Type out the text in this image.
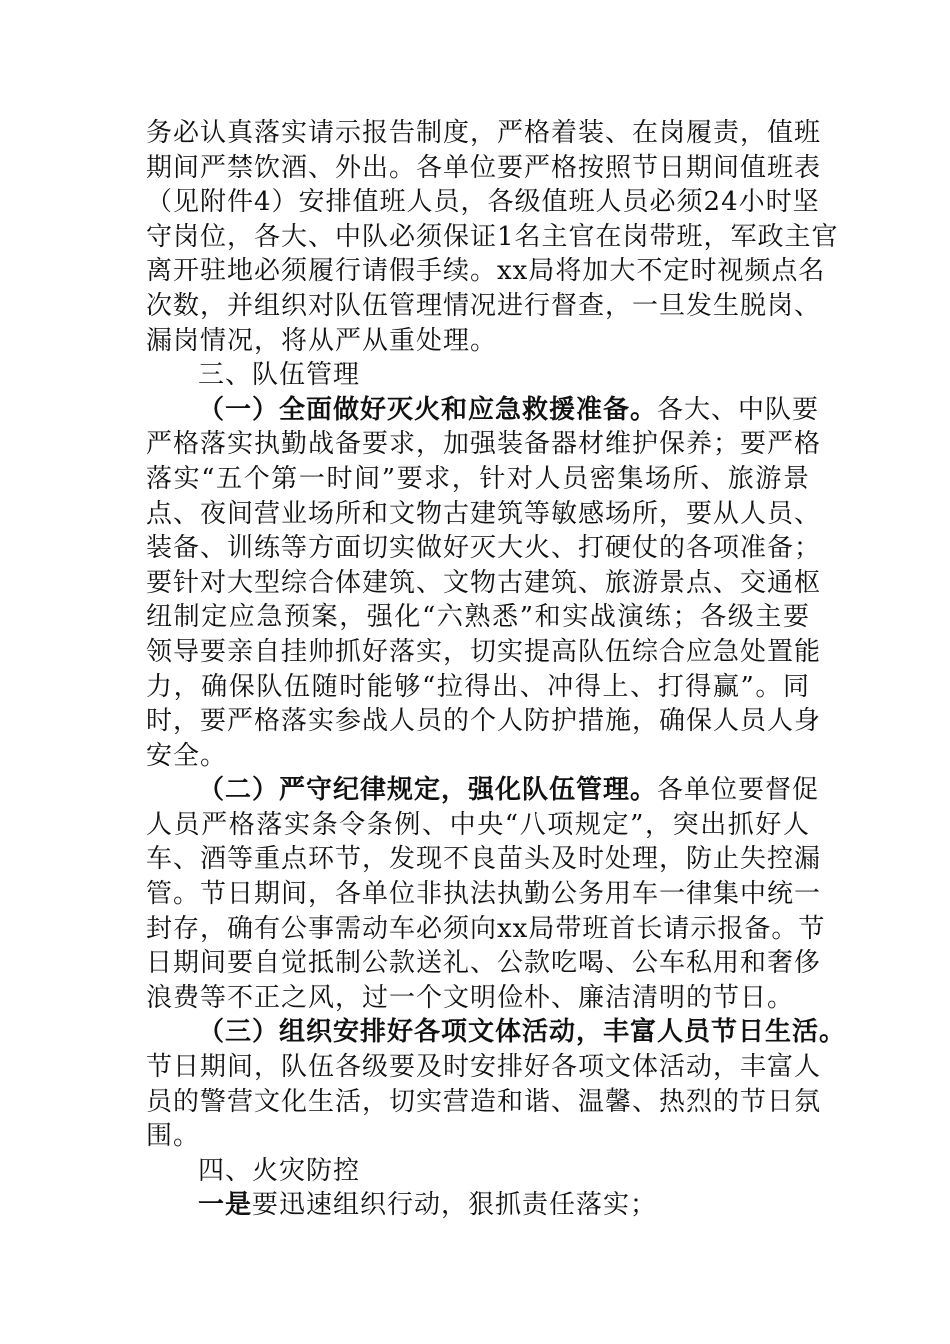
务必认真落实请示报告制度，严格着装、在岗履责，值班
期间严禁饮酒、外出。各单位要严格按照节日期间值班表
（见附件4）安排值班人员，各级值班人员必须24小时坚
守岗位，各大、中队必须保证1名主官在岗带班，军政主官
离开驻地必须履行请假手续。xx局将加大不定时视频点名
次数，并组织对队伍管理情况进行督查，一旦发生脱岗、
漏岗情况，将从严从重处理。
三、队伍管理
（一）全面做好灭火和应急救援准备。各大、中队要
严格落实执勤战备要求，加强装备器材维护保养；要严格
落实“五个第一时间”要求，针对人员密集场所、旅游景
点、夜间营业场所和文物古建筑等敏感场所，要从人员、
装备、训练等方面切实做好灭大火、打硬仗的各项准备；
要针对大型综合体建筑、文物古建筑、旅游景点、交通枢
纽制定应急预案，强化“六熟悉”和实战演练；各级主要
领导要亲自挂帅抓好落实，切实提高队伍综合应急处置能
力，确保队伍随时能够“拉得出、冲得上、打得赢”。同
时，要严格落实参战人员的个人防护措施，确保人员人身
安全。
（二）严守纪律规定，强化队伍管理。各单位要督促
人员严格落实条令条例、中央“八项规定”，突出抓好人
车、酒等重点环节，发现不良苗头及时处理，防止失控漏
管。节日期间，各单位非执法执勤公务用车一律集中统一
封存，确有公事需动车必须向xx局带班首长请示报备。节
日期间要自觉抵制公款送礼、公款吃喝、公车私用和奢侈
浪费等不正之风，过一个文明俭朴、廉洁清明的节日。
（三）组织安排好各项文体活动，丰富人员节日生活。
节日期间，队伍各级要及时安排好各项文体活动，丰富人
员的警营文化生活，切实营造和谐、温馨、热烈的节日氛
围。
四、火灾防控
一是要迅速组织行动，狠抓责任落实；
